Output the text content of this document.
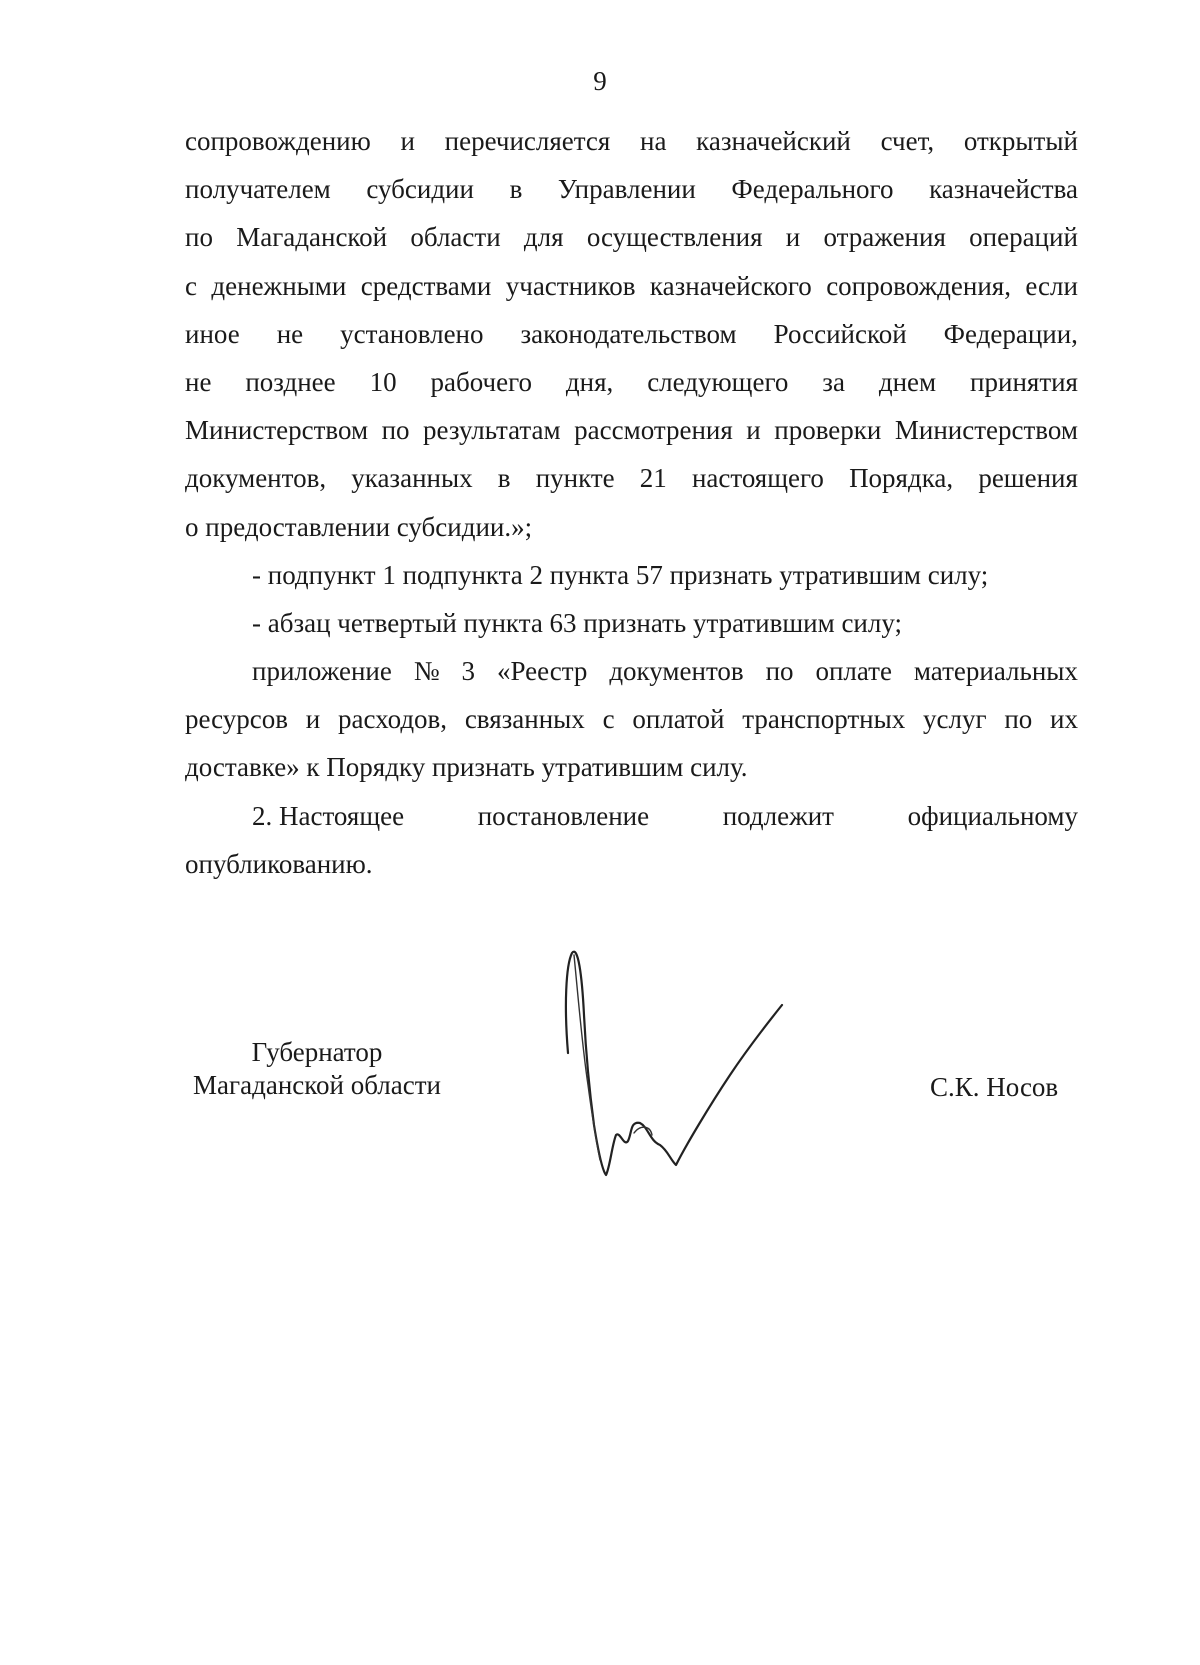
9
сопровождению и перечисляется на казначейский счет, открытый
получателем субсидии в Управлении Федерального казначейства
по Магаданской области для осуществления и отражения операций
с денежными средствами участников казначейского сопровождения, если
иное не установлено законодательством Российской Федерации,
не позднее 10 рабочего дня, следующего за днем принятия
Министерством по результатам рассмотрения и проверки Министерством
документов, указанных в пункте 21 настоящего Порядка, решения
о предоставлении субсидии.»;
- подпункт 1 подпункта 2 пункта 57 признать утратившим силу;
- абзац четвертый пункта 63 признать утратившим силу;
приложение № 3 «Реестр документов по оплате материальных
ресурсов и расходов, связанных с оплатой транспортных услуг по их
доставке» к Порядку признать утратившим силу.
2. Настоящее	постановление	подлежит	официальному
опубликованию.
Губернатор
Магаданской области	С.К. Носов
